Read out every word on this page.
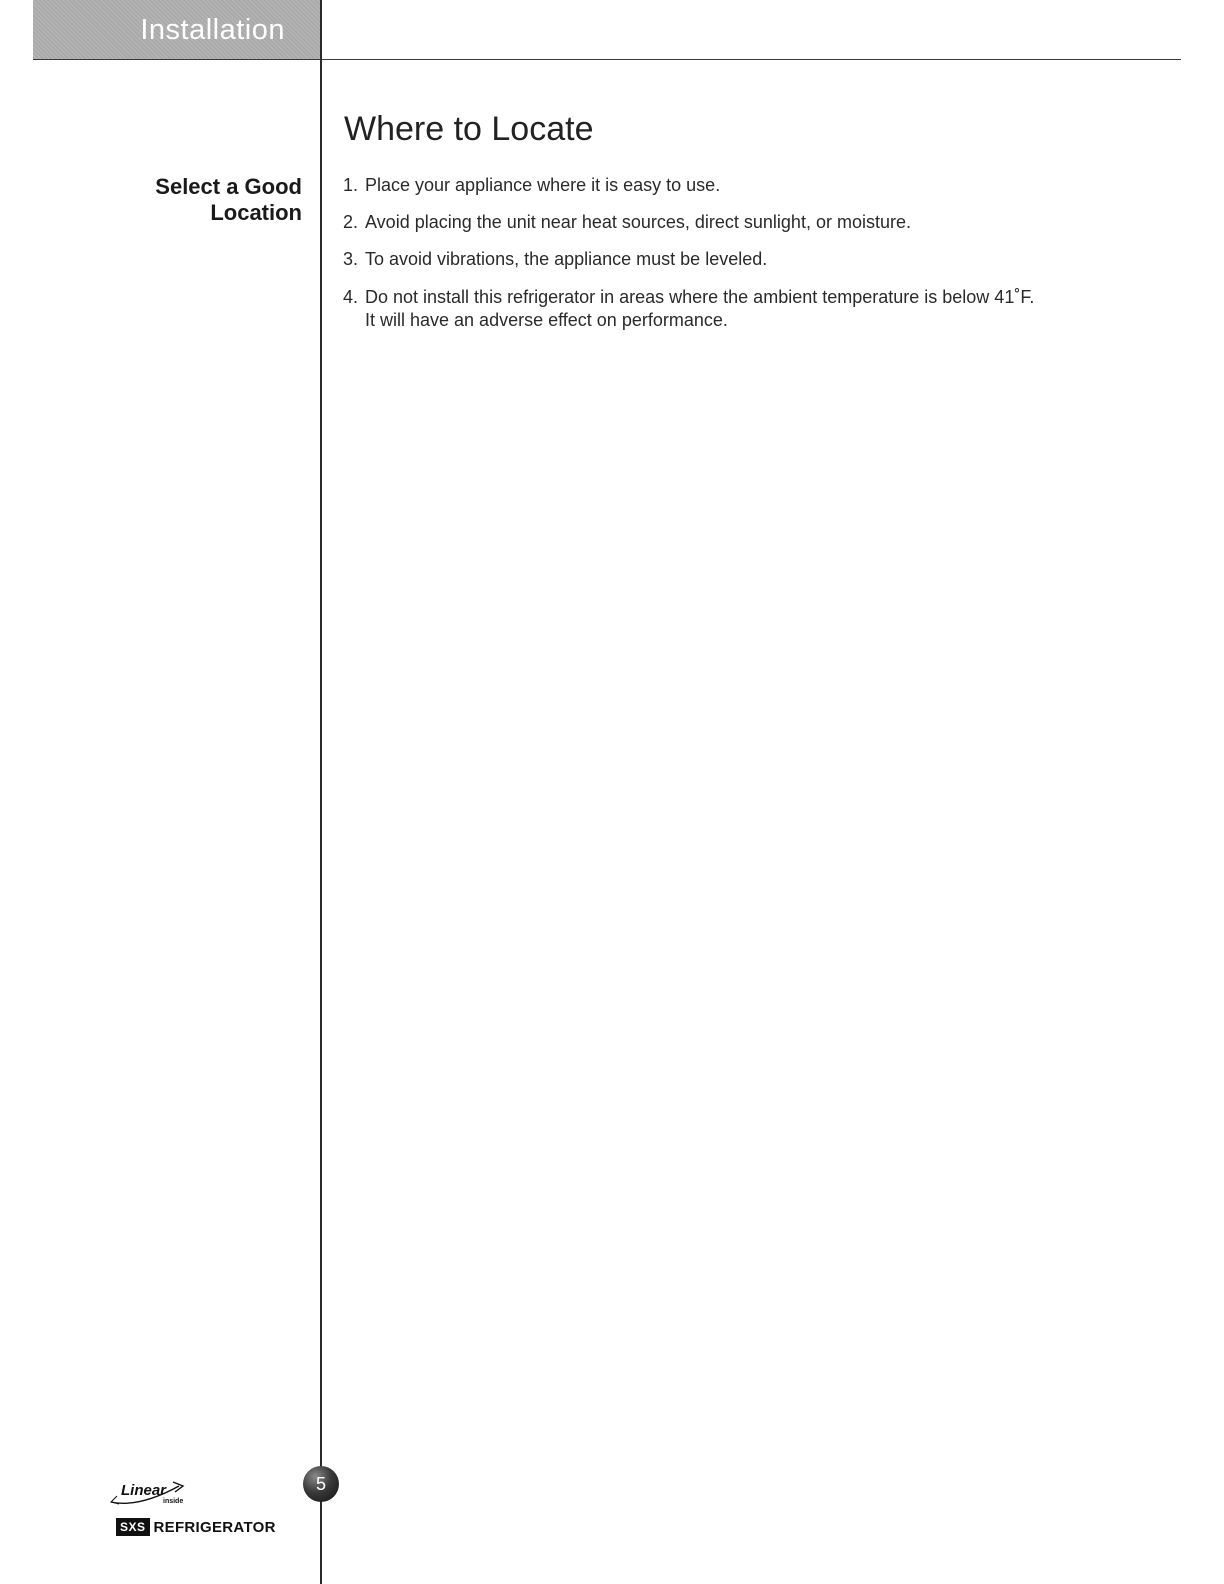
Installation
Where to Locate
Select a Good
Location
1. Place your appliance where it is easy to use.
2. Avoid placing the unit near heat sources, direct sunlight, or moisture.
3. To avoid vibrations, the appliance must be leveled.
4. Do not install this refrigerator in areas where the ambient temperature is below 41˚F.
It will have an adverse effect on performance.
5
Linear
inside
SXS REFRIGERATOR
